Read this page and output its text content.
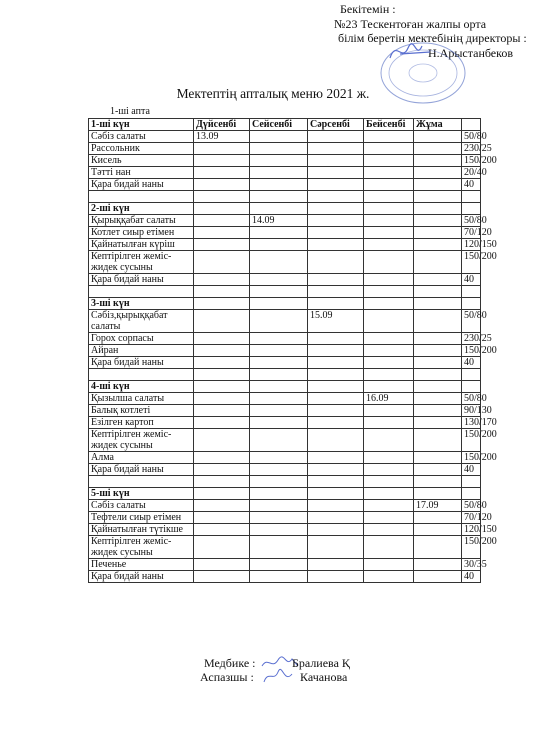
Бекітемін :
№23 Тескентоған жалпы орта
білім беретін мектебінің директоры :
Н.Арыстанбеков
Мектептің апталық меню 2021 ж.
1-ші апта
1-ші күн	Дүйсенбі	Сейсенбі	Сәрсенбі	Бейсенбі	Жұма	
Сәбіз салаты	13.09					50/80
Рассольник						230/25
Кисель						150/200
Тәтті нан						20/40
Қара бидай наны						40

2-ші күн						
Қырыққабат салаты		14.09				50/80
Котлет сиыр етімен						70/120
Қайнатылған күріш						120/150
Кептірілген жеміс-жидек сусыны						150/200
Қара бидай наны						40

3-ші күн						
Сәбіз,қырыққабат салаты			15.09			50/80
Горох сорпасы						230/25
Айран						150/200
Қара бидай наны						40

4-ші күн						
Қызылша салаты				16.09		50/80
Балық котлеті						90/130
Езілген картоп						130/170
Кептірілген жеміс-жидек сусыны						150/200
Алма						150/200
Қара бидай наны						40

5-ші күн						
Сәбіз салаты					17.09	50/80
Тефтели сиыр етімен						70/120
Қайнатылған түтікше						120/150
Кептірілген жеміс-жидек сусыны						150/200
Печенье						30/35
Қара бидай наны						40
Медбике :	Бралиева Қ
Аспазшы :	Качанова
